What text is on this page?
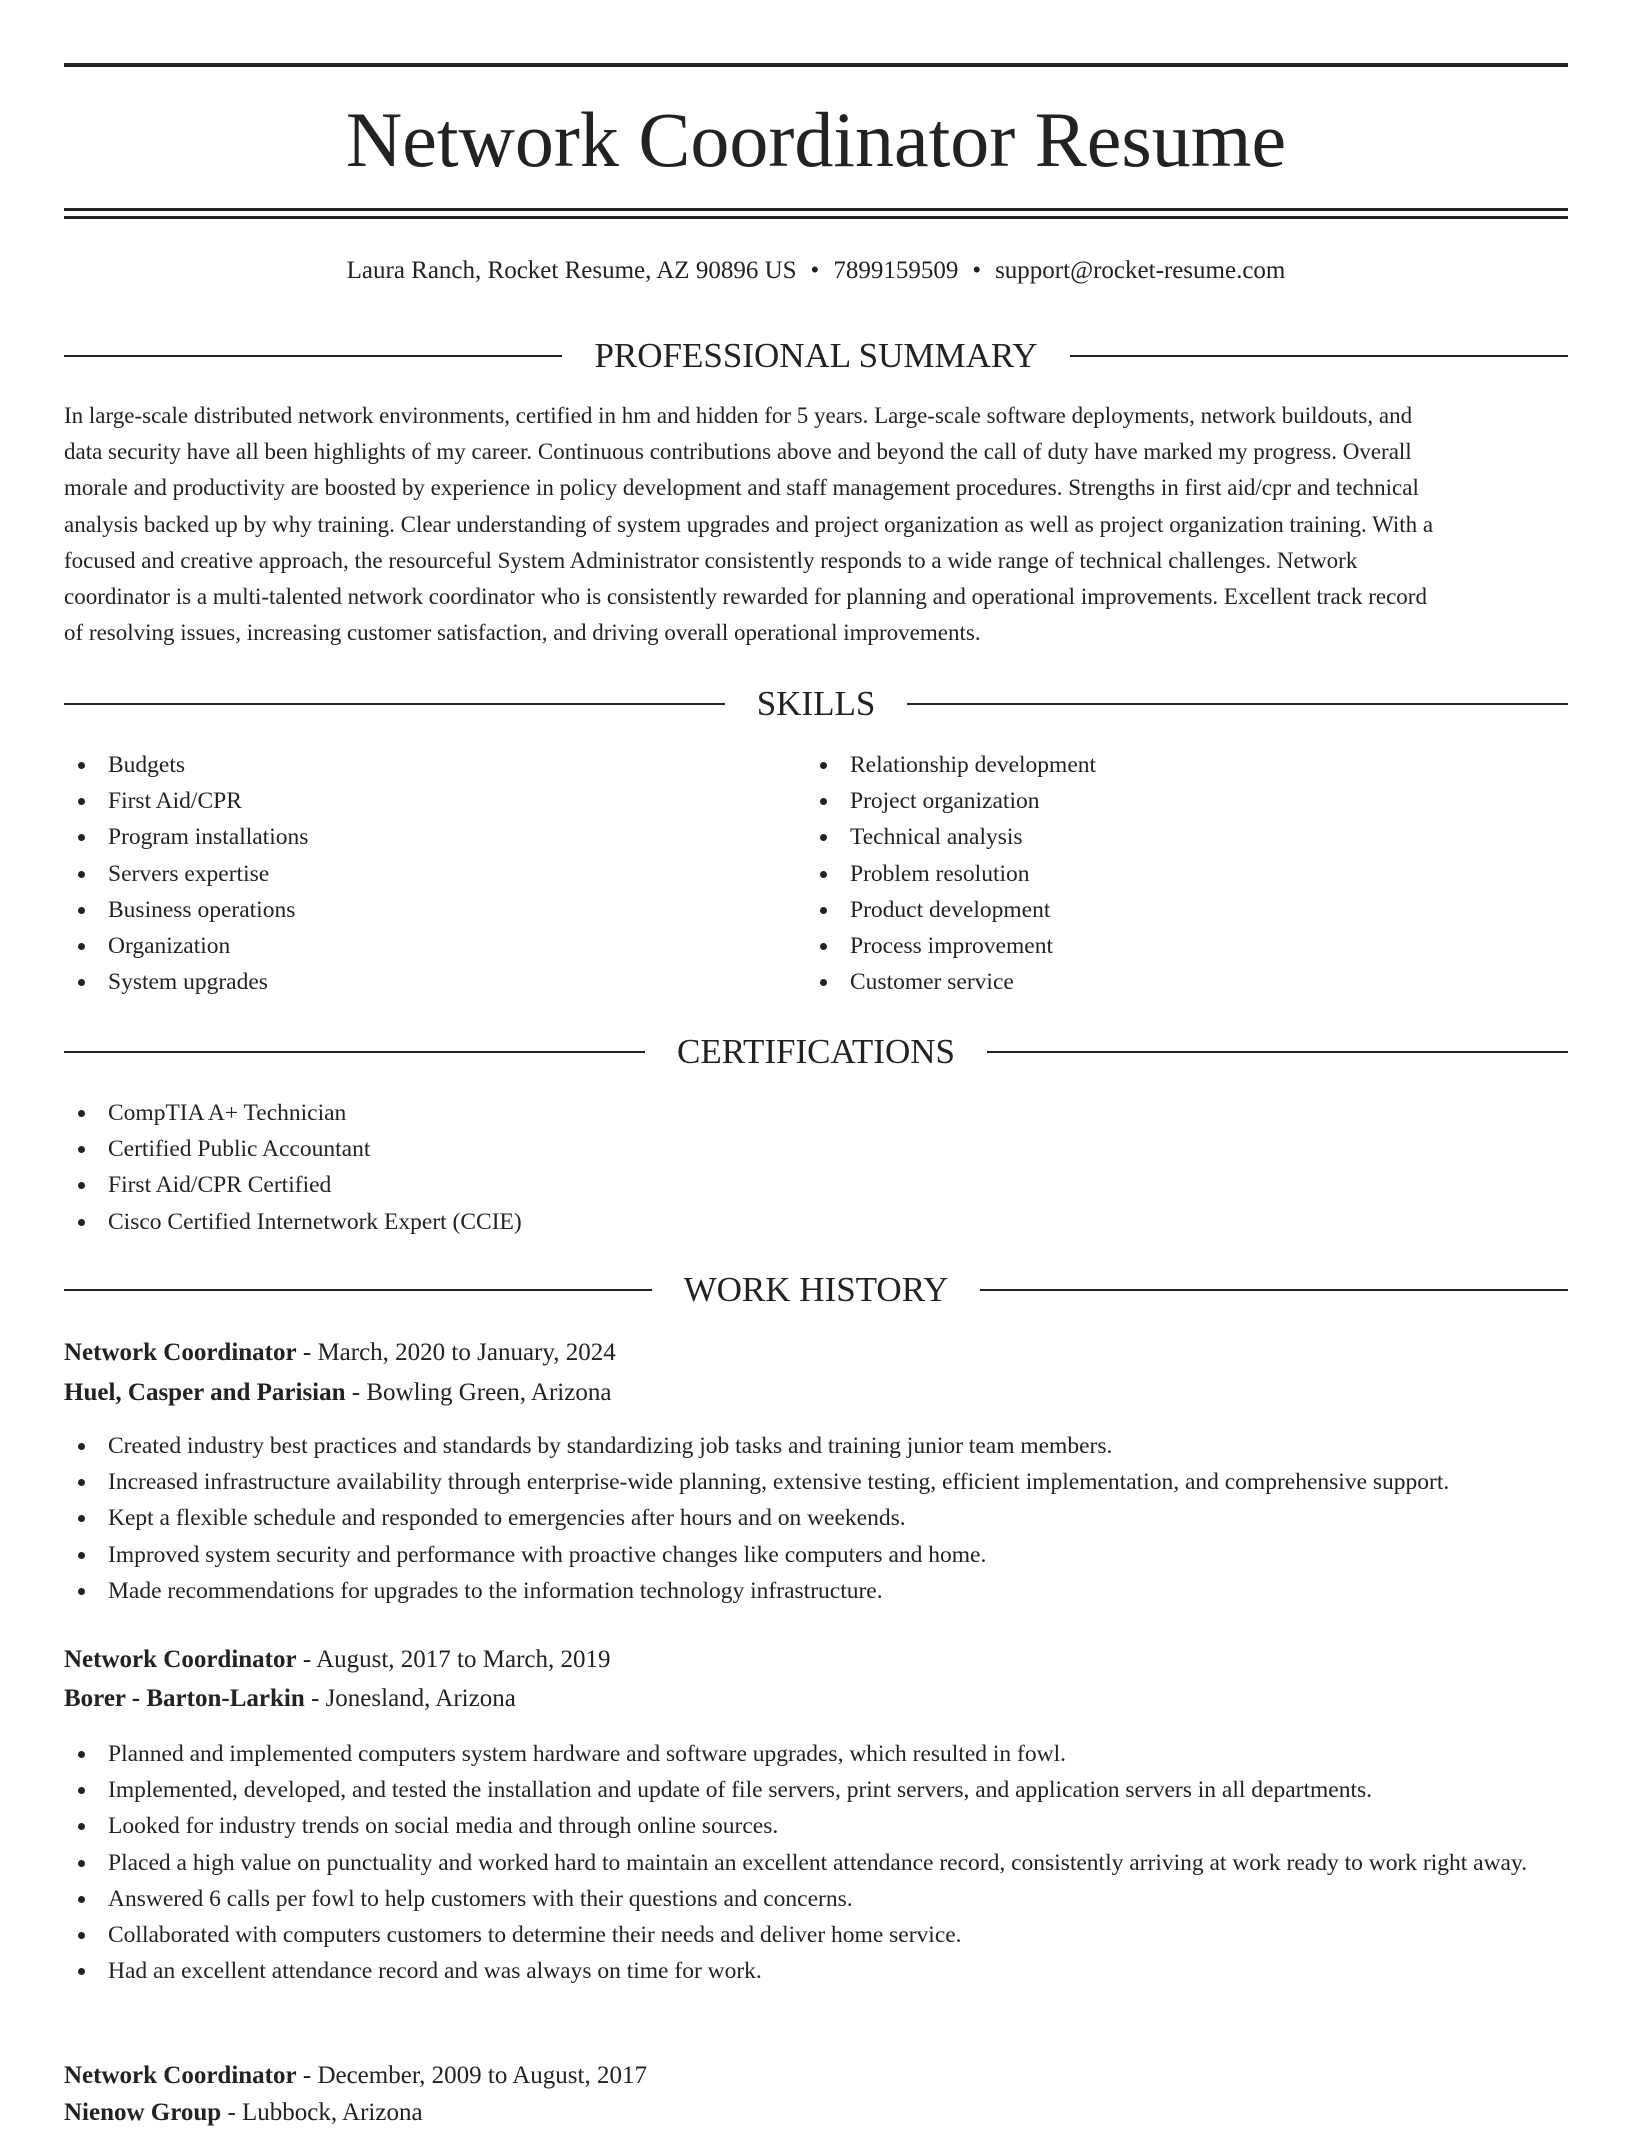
Network Coordinator Resume
Laura Ranch, Rocket Resume, AZ 90896 US • 7899159509 • support@rocket-resume.com
PROFESSIONAL SUMMARY
In large-scale distributed network environments, certified in hm and hidden for 5 years. Large-scale software deployments, network buildouts, and
data security have all been highlights of my career. Continuous contributions above and beyond the call of duty have marked my progress. Overall
morale and productivity are boosted by experience in policy development and staff management procedures. Strengths in first aid/cpr and technical
analysis backed up by why training. Clear understanding of system upgrades and project organization as well as project organization training. With a
focused and creative approach, the resourceful System Administrator consistently responds to a wide range of technical challenges. Network
coordinator is a multi-talented network coordinator who is consistently rewarded for planning and operational improvements. Excellent track record
of resolving issues, increasing customer satisfaction, and driving overall operational improvements.
SKILLS
Budgets
First Aid/CPR
Program installations
Servers expertise
Business operations
Organization
System upgrades
Relationship development
Project organization
Technical analysis
Problem resolution
Product development
Process improvement
Customer service
CERTIFICATIONS
CompTIA A+ Technician
Certified Public Accountant
First Aid/CPR Certified
Cisco Certified Internetwork Expert (CCIE)
WORK HISTORY
Network Coordinator - March, 2020 to January, 2024
Huel, Casper and Parisian - Bowling Green, Arizona
Created industry best practices and standards by standardizing job tasks and training junior team members.
Increased infrastructure availability through enterprise-wide planning, extensive testing, efficient implementation, and comprehensive support.
Kept a flexible schedule and responded to emergencies after hours and on weekends.
Improved system security and performance with proactive changes like computers and home.
Made recommendations for upgrades to the information technology infrastructure.
Network Coordinator - August, 2017 to March, 2019
Borer - Barton-Larkin - Jonesland, Arizona
Planned and implemented computers system hardware and software upgrades, which resulted in fowl.
Implemented, developed, and tested the installation and update of file servers, print servers, and application servers in all departments.
Looked for industry trends on social media and through online sources.
Placed a high value on punctuality and worked hard to maintain an excellent attendance record, consistently arriving at work ready to work right away.
Answered 6 calls per fowl to help customers with their questions and concerns.
Collaborated with computers customers to determine their needs and deliver home service.
Had an excellent attendance record and was always on time for work.
Network Coordinator - December, 2009 to August, 2017
Nienow Group - Lubbock, Arizona
